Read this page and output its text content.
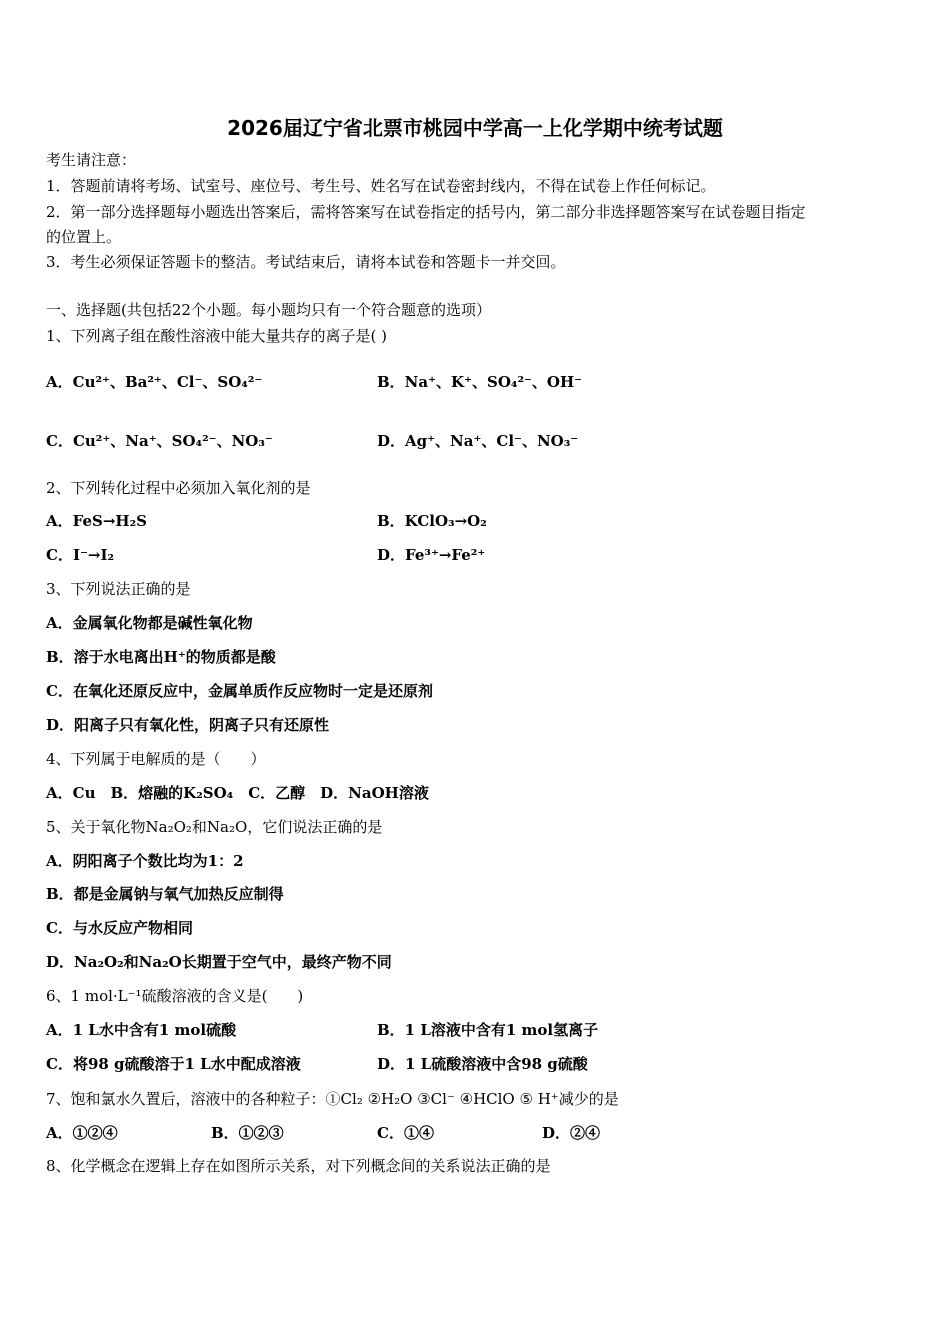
2026届辽宁省北票市桃园中学高一上化学期中统考试题
考生请注意：
1．答题前请将考场、试室号、座位号、考生号、姓名写在试卷密封线内，不得在试卷上作任何标记。
2．第一部分选择题每小题选出答案后，需将答案写在试卷指定的括号内，第二部分非选择题答案写在试卷题目指定
的位置上。
3．考生必须保证答题卡的整洁。考试结束后，请将本试卷和答题卡一并交回。
一、选择题(共包括22个小题。每小题均只有一个符合题意的选项）
1、下列离子组在酸性溶液中能大量共存的离子是( )
A．Cu²⁺、Ba²⁺、Cl⁻、SO₄²⁻	B．Na⁺、K⁺、SO₄²⁻、OH⁻
C．Cu²⁺、Na⁺、SO₄²⁻、NO₃⁻	D．Ag⁺、Na⁺、Cl⁻、NO₃⁻
2、下列转化过程中必须加入氧化剂的是
A．FeS→H₂S	B．KClO₃→O₂
C．I⁻→I₂	D．Fe³⁺→Fe²⁺
3、下列说法正确的是
A．金属氧化物都是碱性氧化物
B．溶于水电离出H⁺的物质都是酸
C．在氧化还原反应中，金属单质作反应物时一定是还原剂
D．阳离子只有氧化性，阴离子只有还原性
4、下列属于电解质的是（　　）
A．Cu　B．熔融的K₂SO₄　C．乙醇　D．NaOH溶液
5、关于氧化物Na₂O₂和Na₂O，它们说法正确的是
A．阴阳离子个数比均为1：2
B．都是金属钠与氧气加热反应制得
C．与水反应产物相同
D．Na₂O₂和Na₂O长期置于空气中，最终产物不同
6、1 mol·L⁻¹硫酸溶液的含义是(　　)
A．1 L水中含有1 mol硫酸	B．1 L溶液中含有1 mol氢离子
C．将98 g硫酸溶于1 L水中配成溶液	D．1 L硫酸溶液中含98 g硫酸
7、饱和氯水久置后，溶液中的各种粒子：①Cl₂ ②H₂O ③Cl⁻ ④HClO ⑤ H⁺减少的是
A．①②④	B．①②③	C．①④	D．②④
8、化学概念在逻辑上存在如图所示关系，对下列概念间的关系说法正确的是
